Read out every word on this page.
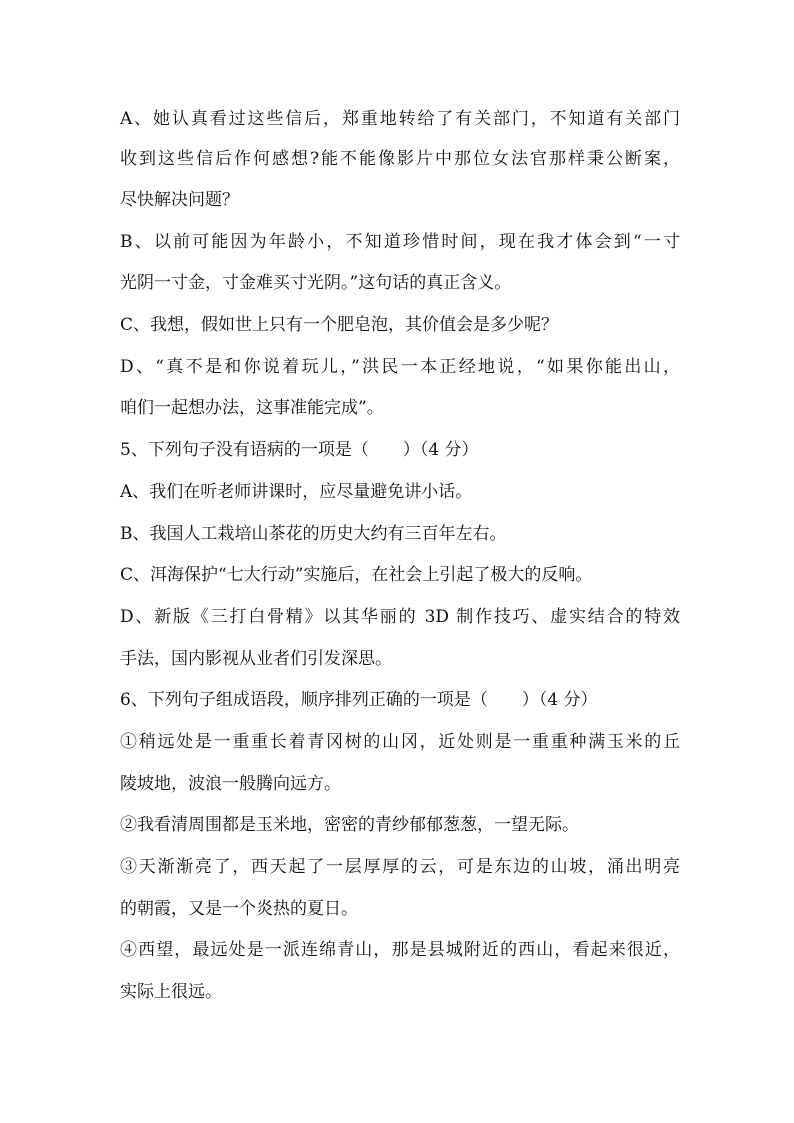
A、她认真看过这些信后，郑重地转给了有关部门，不知道有关部门
收到这些信后作何感想?能不能像影片中那位女法官那样秉公断案，
尽快解决问题？
B、以前可能因为年龄小，不知道珍惜时间，现在我才体会到“一寸
光阴一寸金，寸金难买寸光阴。”这句话的真正含义。
C、我想，假如世上只有一个肥皂泡，其价值会是多少呢？
D、“真不是和你说着玩儿，”洪民一本正经地说，“如果你能出山，
咱们一起想办法，这事准能完成”。
5、下列句子没有语病的一项是（　　）（4 分）
A、我们在听老师讲课时，应尽量避免讲小话。
B、我国人工栽培山茶花的历史大约有三百年左右。
C、洱海保护“七大行动”实施后，在社会上引起了极大的反响。
D、新版《三打白骨精》以其华丽的 3D 制作技巧、虚实结合的特效
手法，国内影视从业者们引发深思。
6、下列句子组成语段，顺序排列正确的一项是（　　）（4 分）
①稍远处是一重重长着青冈树的山冈，近处则是一重重种满玉米的丘
陵坡地，波浪一般腾向远方。
②我看清周围都是玉米地，密密的青纱郁郁葱葱，一望无际。
③天渐渐亮了，西天起了一层厚厚的云，可是东边的山坡，涌出明亮
的朝霞，又是一个炎热的夏日。
④西望，最远处是一派连绵青山，那是县城附近的西山，看起来很近，
实际上很远。
